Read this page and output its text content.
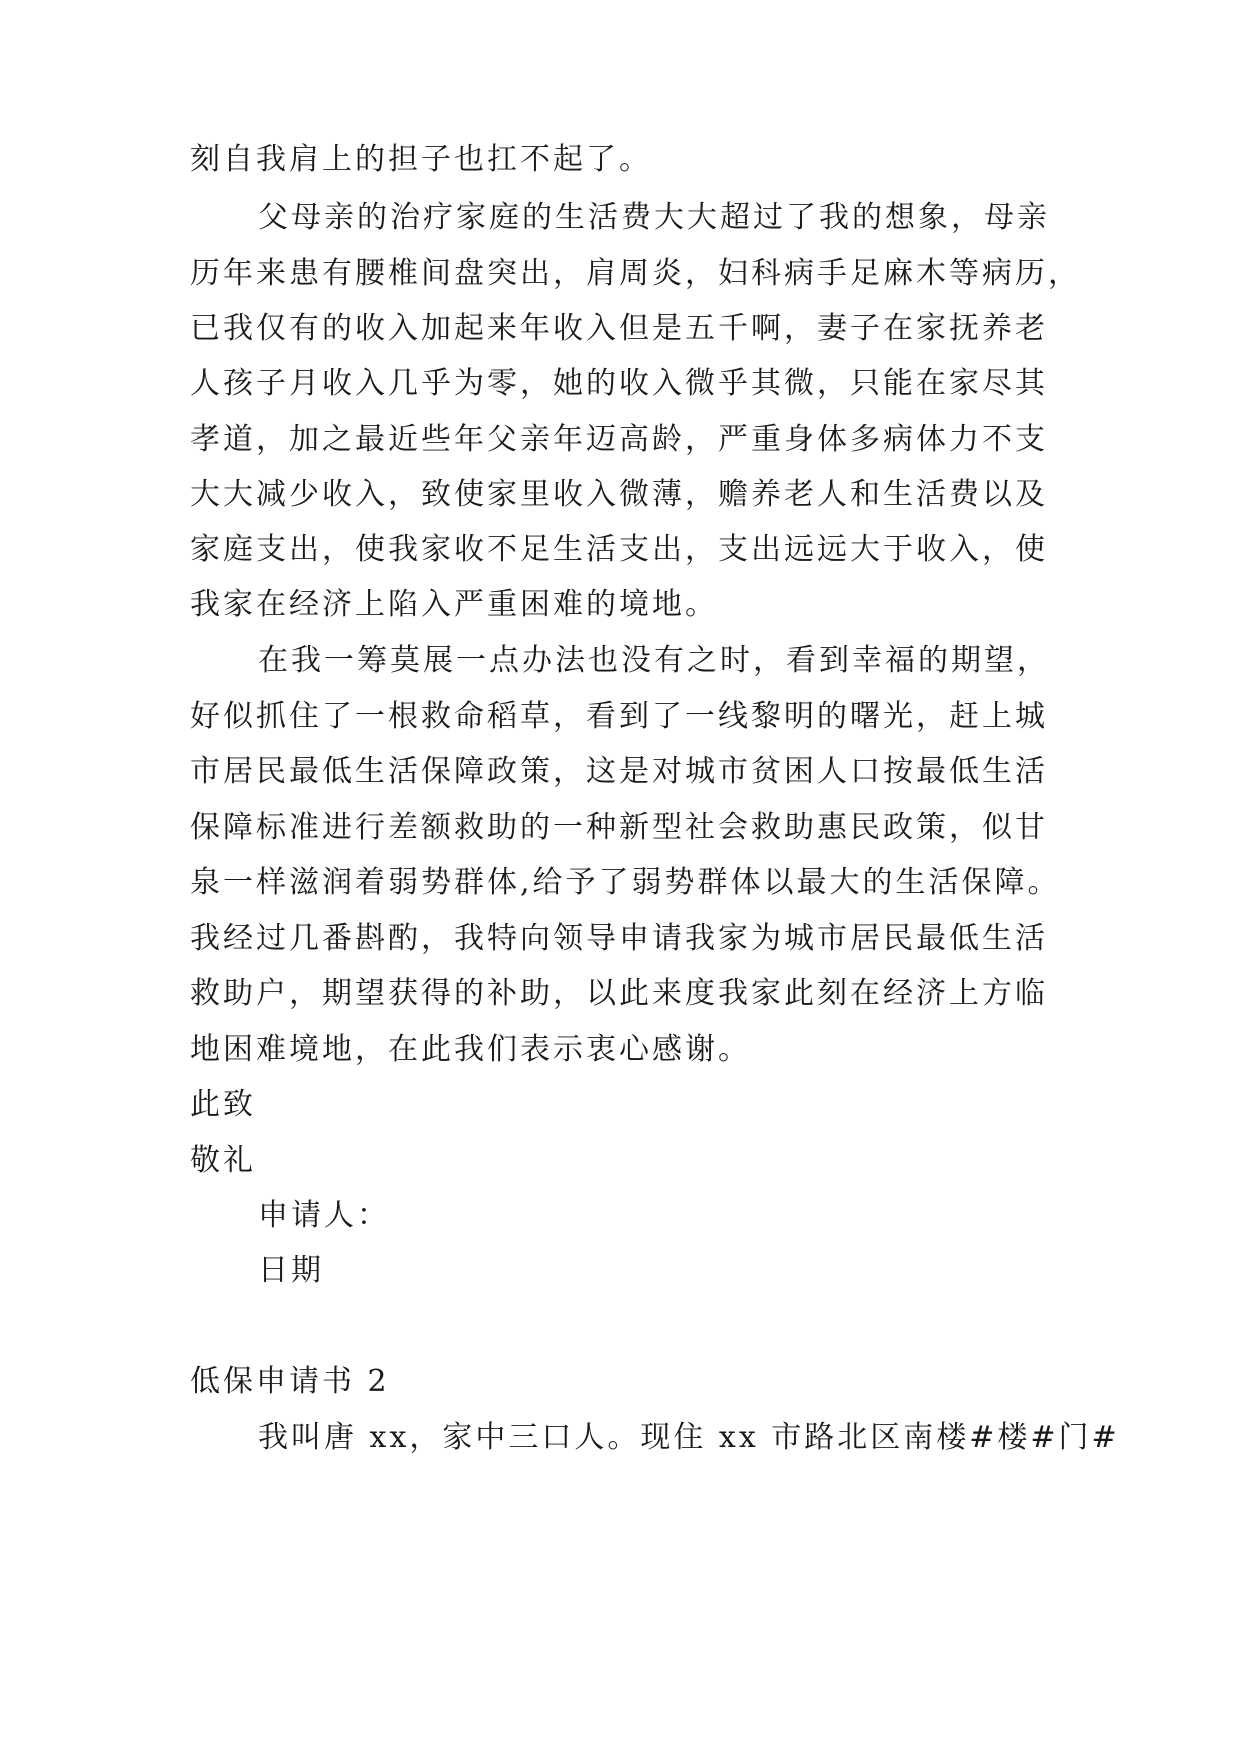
刻自我肩上的担子也扛不起了。
父母亲的治疗家庭的生活费大大超过了我的想象，母亲
历年来患有腰椎间盘突出，肩周炎，妇科病手足麻木等病历，
已我仅有的收入加起来年收入但是五千啊，妻子在家抚养老
人孩子月收入几乎为零，她的收入微乎其微，只能在家尽其
孝道，加之最近些年父亲年迈高龄，严重身体多病体力不支
大大减少收入，致使家里收入微薄，赡养老人和生活费以及
家庭支出，使我家收不足生活支出，支出远远大于收入，使
我家在经济上陷入严重困难的境地。
在我一筹莫展一点办法也没有之时，看到幸福的期望，
好似抓住了一根救命稻草，看到了一线黎明的曙光，赶上城
市居民最低生活保障政策，这是对城市贫困人口按最低生活
保障标准进行差额救助的一种新型社会救助惠民政策，似甘
泉一样滋润着弱势群体,给予了弱势群体以最大的生活保障。
我经过几番斟酌，我特向领导申请我家为城市居民最低生活
救助户，期望获得的补助，以此来度我家此刻在经济上方临
地困难境地，在此我们表示衷心感谢。
此致
敬礼
申请人：
日期
低保申请书 2
我叫唐 xx，家中三口人。现住 xx 市路北区南楼#楼#门#
